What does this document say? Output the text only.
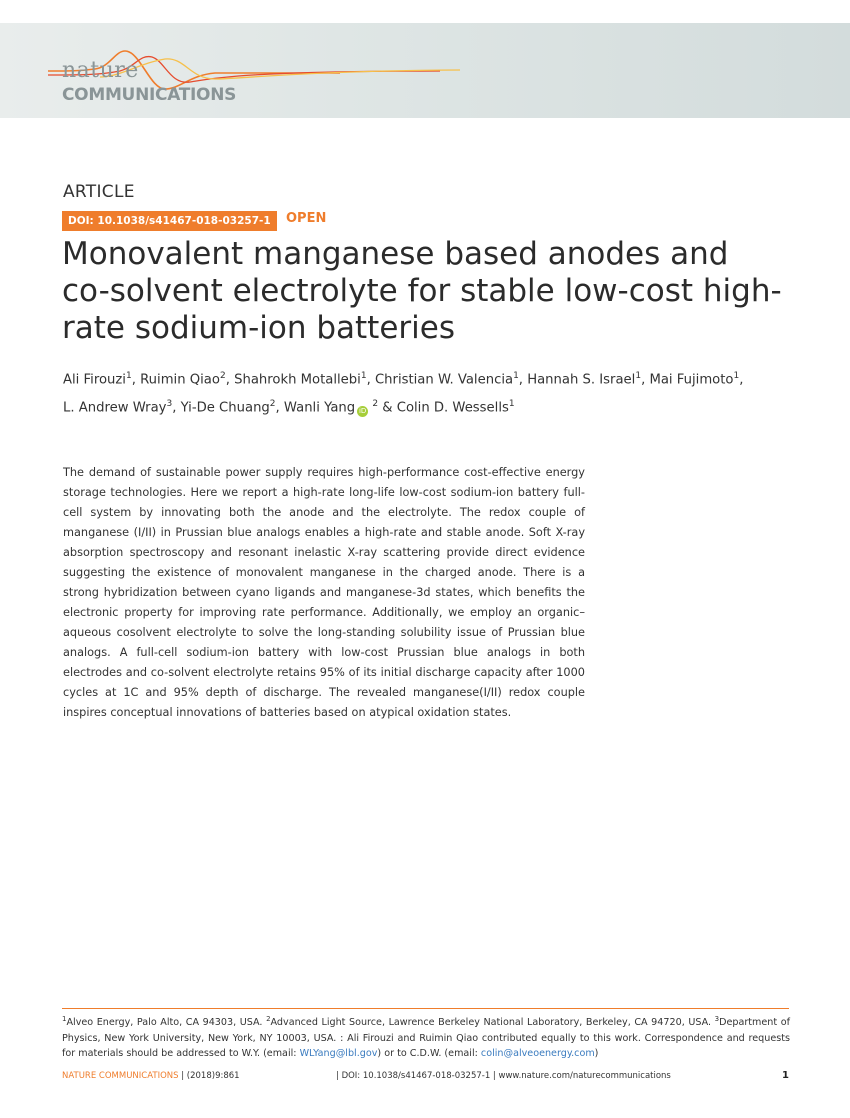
nature
COMMUNICATIONS
ARTICLE
DOI: 10.1038/s41467-018-03257-1	OPEN
Monovalent manganese based anodes and co-solvent electrolyte for stable low-cost high-rate sodium-ion batteries
Ali Firouzi$^1$, Ruimin Qiao$^2$, Shahrokh Motallebi$^1$, Christian W. Valencia$^1$, Hannah S. Israel$^1$, Mai Fujimoto$^1$,
L. Andrew Wray$^3$, Yi-De Chuang$^2$, Wanli Yang iD $^2$ & Colin D. Wessells$^1$
The demand of sustainable power supply requires high-performance cost-effective energy storage technologies. Here we report a high-rate long-life low-cost sodium-ion battery full-cell system by innovating both the anode and the electrolyte. The redox couple of manganese (I/II) in Prussian blue analogs enables a high-rate and stable anode. Soft X-ray absorption spectroscopy and resonant inelastic X-ray scattering provide direct evidence suggesting the existence of monovalent manganese in the charged anode. There is a strong hybridization between cyano ligands and manganese-3d states, which benefits the electronic property for improving rate performance. Additionally, we employ an organic–aqueous cosolvent electrolyte to solve the long-standing solubility issue of Prussian blue analogs. A full-cell sodium-ion battery with low-cost Prussian blue analogs in both electrodes and co-solvent electrolyte retains 95% of its initial discharge capacity after 1000 cycles at 1C and 95% depth of discharge. The revealed manganese(I/II) redox couple inspires conceptual innovations of batteries based on atypical oxidation states.
$^1$Alveo Energy, Palo Alto, CA 94303, USA. $^2$Advanced Light Source, Lawrence Berkeley National Laboratory, Berkeley, CA 94720, USA. $^3$Department of Physics, New York University, New York, NY 10003, USA. : Ali Firouzi and Ruimin Qiao contributed equally to this work. Correspondence and requests for materials should be addressed to W.Y. (email: WLYang@lbl.gov) or to C.D.W. (email: colin@alveoenergy.com)
NATURE COMMUNICATIONS | (2018)9:861	| DOI: 10.1038/s41467-018-03257-1 | www.nature.com/naturecommunications	1
